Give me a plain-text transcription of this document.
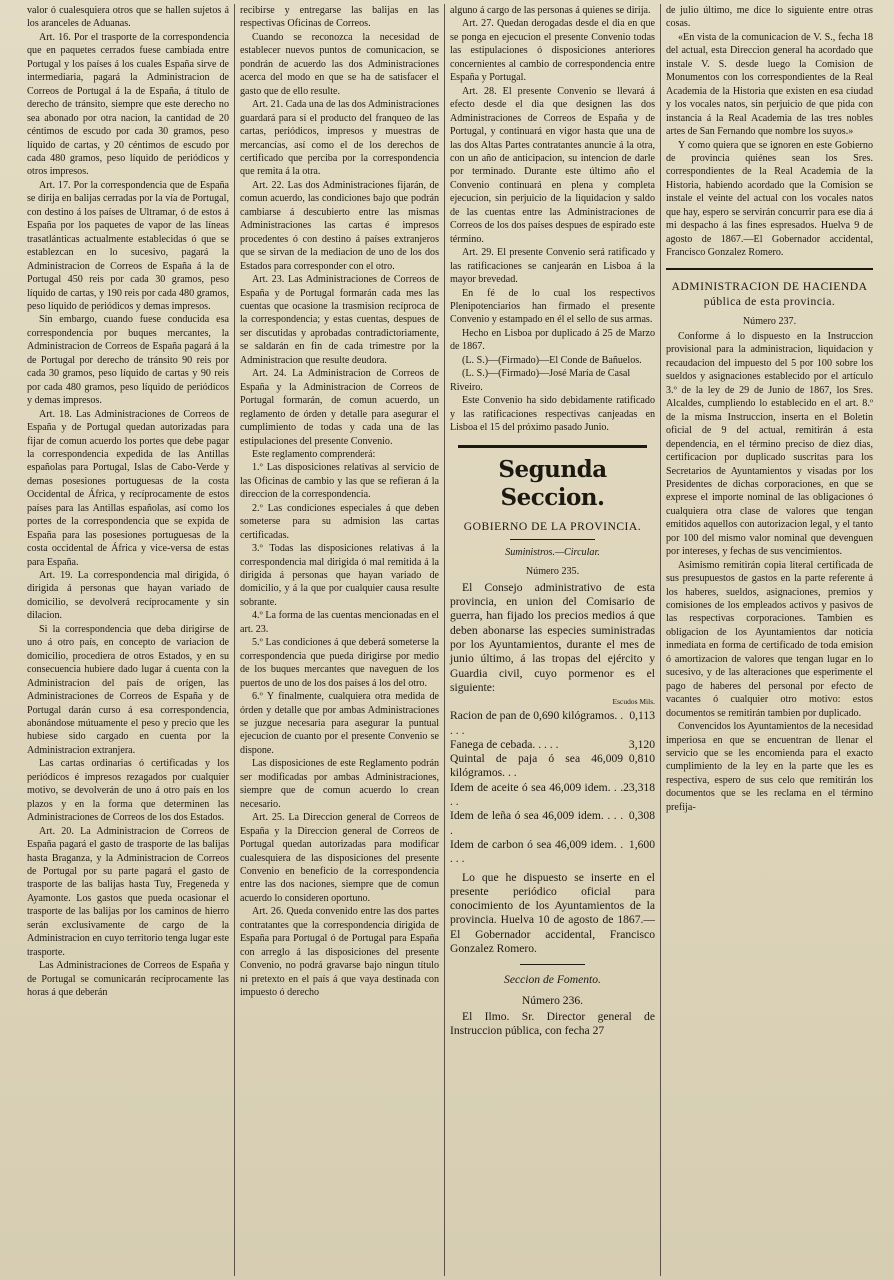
valor ó cualesquiera otros que se hallen sujetos á los aranceles de Aduanas.

Art. 16. Por el trasporte de la correspondencia que en paquetes cerrados fuese cambiada entre Portugal y los países á los cuales España sirve de intermediaria, pagará la Administracion de Correos de Portugal á la de España, á título de derecho de tránsito, siempre que este derecho no sea abonado por otra nacion, la cantidad de 20 céntimos de escudo por cada 30 gramos, peso líquido de cartas, y 20 céntimos de escudo por cada 480 gramos, peso líquido de periódicos y otros impresos.

Art. 17. Por la correspondencia que de España se dirija en balijas cerradas por la vía de Portugal, con destino á los países de Ultramar, ó de estos á España por los paquetes de vapor de las líneas trasatlánticas actualmente establecidas ó que se establezcan en lo sucesivo, pagará la Administracion de Correos de España á la de Portugal 450 reis por cada 30 gramos, peso líquido de cartas, y 190 reis por cada 480 gramos, peso líquido de periódicos y demas impresos.

Sin embargo, cuando fuese conducida esa correspondencia por buques mercantes, la Administracion de Correos de España pagará á la de Portugal por derecho de tránsito 90 reis por cada 30 gramos, peso líquido de cartas y 90 reis por cada 480 gramos, peso líquido de periódicos y demas impresos.

Art. 18. Las Administraciones de Correos de España y de Portugal quedan autorizadas para fijar de comun acuerdo los portes que debe pagar la correspondencia expedida de las Antillas españolas para Portugal, Islas de Cabo-Verde y demas posesiones portuguesas de la costa Occidental de África, y recíprocamente de estos países para las Antillas españolas, así como los portes de la correspondencia que se expida de España para las posesiones portuguesas de la costa occidental de África y vice-versa de estas para España.

Art. 19. La correspondencia mal dirigida, ó dirigida á personas que hayan variado de domicilio, se devolverá recíprocamente y sin dilacion.

Si la correspondencia que deba dirigirse de uno á otro país, en concepto de variacion de domicilio, procediera de otros Estados, y en su consecuencia hubiere dado lugar á cuenta con la Administracion del país de orígen, las Administraciones de Correos de España y de Portugal darán curso á esa correspondencia, abonándose mútuamente el peso y precio que les hubiese sido cargado en cuenta por la Administracion extranjera.

Las cartas ordinarias ó certificadas y los periódicos é impresos rezagados por cualquier motivo, se devolverán de uno á otro país en los plazos y en la forma que determinen las Administraciones de Correos de los dos Estados.

Art. 20. La Administracion de Correos de España pagará el gasto de trasporte de las balijas hasta Braganza, y la Administracion de Correos de Portugal por su parte pagará el gasto de trasporte de las balijas hasta Tuy, Fregeneda y Ayamonte. Los gastos que pueda ocasionar el trasporte de las balijas por los caminos de hierro serán exclusivamente de cargo de la Administracion en cuyo territorio tenga lugar este trasporte.

Las Administraciones de Correos de España y de Portugal se comunicarán recíprocamente las horas á que deberán

recibirse y entregarse las balijas en las respectivas Oficinas de Correos.

Cuando se reconozca la necesidad de establecer nuevos puntos de comunicacion, se pondrán de acuerdo las dos Administraciones acerca del modo en que se ha de satisfacer el gasto que de ello resulte.

Art. 21. Cada una de las dos Administraciones guardará para sí el producto del franqueo de las cartas, periódicos, impresos y muestras de mercancías, así como el de los derechos de certificado que perciba por la correspondencia que remita á la otra.

Art. 22. Las dos Administraciones fijarán, de comun acuerdo, las condiciones bajo que podrán cambiarse á descubierto entre las mismas Administraciones las cartas é impresos procedentes ó con destino á países extranjeros que se sirvan de la mediacion de uno de los dos Estados para corresponder con el otro.

Art. 23. Las Administraciones de Correos de España y de Portugal formarán cada mes las cuentas que ocasione la trasmision recíproca de la correspondencia; y estas cuentas, despues de ser discutidas y aprobadas contradictoriamente, se saldarán en fin de cada trimestre por la Administracion que resulte deudora.

Art. 24. La Administracion de Correos de España y la Administracion de Correos de Portugal formarán, de comun acuerdo, un reglamento de órden y detalle para asegurar el cumplimiento de todas y cada una de las estipulaciones del presente Convenio.

Este reglamento comprenderá:

1.º Las disposiciones relativas al servicio de las Oficinas de cambio y las que se refieran á la direccion de la correspondencia.

2.º Las condiciones especiales á que deben someterse para su admision las cartas certificadas.

3.º Todas las disposiciones relativas á la correspondencia mal dirigida ó mal remitida á la dirigida á personas que hayan variado de domicilio, y á la que por cualquier causa resulte sobrante.

4.º La forma de las cuentas mencionadas en el art. 23.

5.º Las condiciones á que deberá someterse la correspondencia que pueda dirigirse por medio de los buques mercantes que naveguen de los puertos de uno de los dos países á los del otro.

6.º Y finalmente, cualquiera otra medida de órden y detalle que por ambas Administraciones se juzgue necesaria para asegurar la puntual ejecucion de cuanto por el presente Convenio se dispone.

Las disposiciones de este Reglamento podrán ser modificadas por ambas Administraciones, siempre que de comun acuerdo lo crean necesario.

Art. 25. La Direccion general de Correos de España y la Direccion general de Correos de Portugal quedan autorizadas para modificar cualesquiera de las disposiciones del presente Convenio en beneficio de la correspondencia entre las dos naciones, siempre que de comun acuerdo lo consideren oportuno.

Art. 26. Queda convenido entre las dos partes contratantes que la correspondencia dirigida de España para Portugal ó de Portugal para España con arreglo á las disposiciones del presente Convenio, no podrá gravarse bajo ningun título ni pretexto en el país á que vaya destinada con impuesto ó derecho

alguno á cargo de las personas á quienes se dirija.

Art. 27. Quedan derogadas desde el dia en que se ponga en ejecucion el presente Convenio todas las estipulaciones ó disposiciones anteriores concernientes al cambio de correspondencia entre España y Portugal.

Art. 28. El presente Convenio se llevará á efecto desde el dia que designen las dos Administraciones de Correos de España y de Portugal, y continuará en vigor hasta que una de las dos Altas Partes contratantes anuncie á la otra, con un año de anticipacion, su intencion de darle por terminado. Durante este último año el Convenio continuará en plena y completa ejecucion, sin perjuicio de la liquidacion y saldo de las cuentas entre las Administraciones de Correos de los dos países despues de espirado este término.

Art. 29. El presente Convenio será ratificado y las ratificaciones se canjearán en Lisboa á la mayor brevedad.

En fé de lo cual los respectivos Plenipotenciarios han firmado el presente Convenio y estampado en él el sello de sus armas.

Hecho en Lisboa por duplicado á 25 de Marzo de 1867.

(L. S.)—(Firmado)—El Conde de Bañuelos.

(L. S.)—(Firmado)—José María de Casal Riveiro.

Este Convenio ha sido debidamente ratificado y las ratificaciones respectivas canjeadas en Lisboa el 15 del próximo pasado Junio.

Segunda Seccion.
GOBIERNO DE LA PROVINCIA.
Suministros.—Circular.
Número 235.

El Consejo administrativo de esta provincia, en union del Comisario de guerra, han fijado los precios medios á que deben abonarse las especies suministradas por los Ayuntamientos, durante el mes de junio último, á las tropas del ejército y Guardia civil, cuyo pormenor es el siguiente:

Escudos Mils.
Racion de pan de 0,690 kilógramos. . . . .	0,113
Fanega de cebada. . . . .	3,120
Quintal de paja ó sea 46,009 kilógramos. . .	0,810
Idem de aceite ó sea 46,009 idem. . . . .	23,318
Idem de leña ó sea 46,009 idem. . . . .	0,308
Idem de carbon ó sea 46,009 idem. . . . .	1,600

Lo que he dispuesto se inserte en el presente periódico oficial para conocimiento de los Ayuntamientos de la provincia. Huelva 10 de agosto de 1867.—El Gobernador accidental, Francisco Gonzalez Romero.

Seccion de Fomento.
Número 236.

El Ilmo. Sr. Director general de Instruccion pública, con fecha 27

de julio último, me dice lo siguiente entre otras cosas.

«En vista de la comunicacion de V. S., fecha 18 del actual, esta Direccion general ha acordado que instale V. S. desde luego la Comision de Monumentos con los correspondientes de la Real Academia de la Historia que existen en esa ciudad y los vocales natos, sin perjuicio de que pida con instancia á la Real Academia de las tres nobles artes de San Fernando que nombre los suyos.»

Y como quiera que se ignoren en este Gobierno de provincia quiénes sean los Sres. correspondientes de la Real Academia de la Historia, habiendo acordado que la Comision se instale el veinte del actual con los vocales natos que hay, espero se servirán concurrir para ese dia á mi despacho á las fines espresados. Huelva 9 de agosto de 1867.—El Gobernador accidental, Francisco Gonzalez Romero.

ADMINISTRACION DE HACIENDA
pública de esta provincia.
Número 237.

Conforme á lo dispuesto en la Instruccion provisional para la administracion, liquidacion y recaudacion del impuesto del 5 por 100 sobre los sueldos y asignaciones establecido por el artículo 3.º de la ley de 29 de Junio de 1867, los Sres. Alcaldes, cumpliendo lo establecido en el art. 8.º de la misma Instruccion, inserta en el Boletin oficial de 9 del actual, remitirán á esta dependencia, en el término preciso de diez dias, certificacion por duplicado suscritas para los Secretarios de Ayuntamientos y visadas por los Presidentes de dichas corporaciones, en que se exprese el importe nominal de las obligaciones ó cualquiera otra clase de valores que tengan emitidos aquellos con autorizacion legal, y el tanto por 100 del mismo valor nominal que devenguen por intereses, y fechas de sus vencimientos.

Asimismo remitirán copia literal certificada de sus presupuestos de gastos en la parte referente á los haberes, sueldos, asignaciones, premios y comisiones de los empleados activos y pasivos de las respectivas corporaciones. Tambien es obligacion de los Ayuntamientos dar noticia inmediata en forma de certificado de toda emision ó amortizacion de valores que tengan lugar en lo sucesivo, y de las alteraciones que esperimente el pago de haberes del personal por efecto de vacantes ó cualquier otro motivo: estos documentos se remitirán tambien por duplicado.

Convencidos los Ayuntamientos de la necesidad imperiosa en que se encuentran de llenar el servicio que se les encomienda para el exacto cumplimiento de la ley en la parte que les es respectiva, espero de sus celo que remitirán los documentos que se les reclama en el término prefija-
